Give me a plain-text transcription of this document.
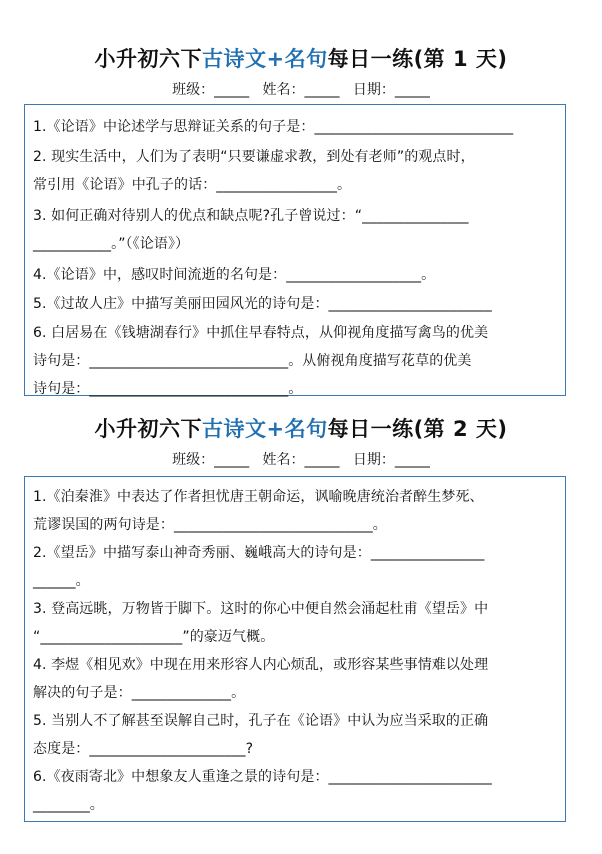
小升初六下古诗文+名句每日一练(第 1 天)
班级：_____   姓名：_____   日期：_____
1.《论语》中论述学与思辩证关系的句子是：____________________________
2. 现实生活中，人们为了表明“只要谦虚求教，到处有老师”的观点时，
常引用《论语》中孔子的话：_________________。
3. 如何正确对待别人的优点和缺点呢?孔子曾说过：“_______________
___________。”（《论语》）
4.《论语》中，感叹时间流逝的名句是：___________________。
5.《过故人庄》中描写美丽田园风光的诗句是：_______________________
6. 白居易在《钱塘湖春行》中抓住早春特点，从仰视角度描写禽鸟的优美
诗句是：____________________________。从俯视角度描写花草的优美
诗句是：____________________________。
小升初六下古诗文+名句每日一练(第 2 天)
班级：_____   姓名：_____   日期：_____
1.《泊秦淮》中表达了作者担忧唐王朝命运，讽喻晚唐统治者醉生梦死、
荒谬误国的两句诗是：____________________________。
2.《望岳》中描写泰山神奇秀丽、巍峨高大的诗句是：________________
______。
3. 登高远眺，万物皆于脚下。这时的你心中便自然会涌起杜甫《望岳》中
“____________________”的豪迈气概。
4. 李煜《相见欢》中现在用来形容人内心烦乱，或形容某些事情难以处理
解决的句子是：______________。
5. 当别人不了解甚至误解自己时，孔子在《论语》中认为应当采取的正确
态度是：______________________?
6.《夜雨寄北》中想象友人重逢之景的诗句是：_______________________
________。
